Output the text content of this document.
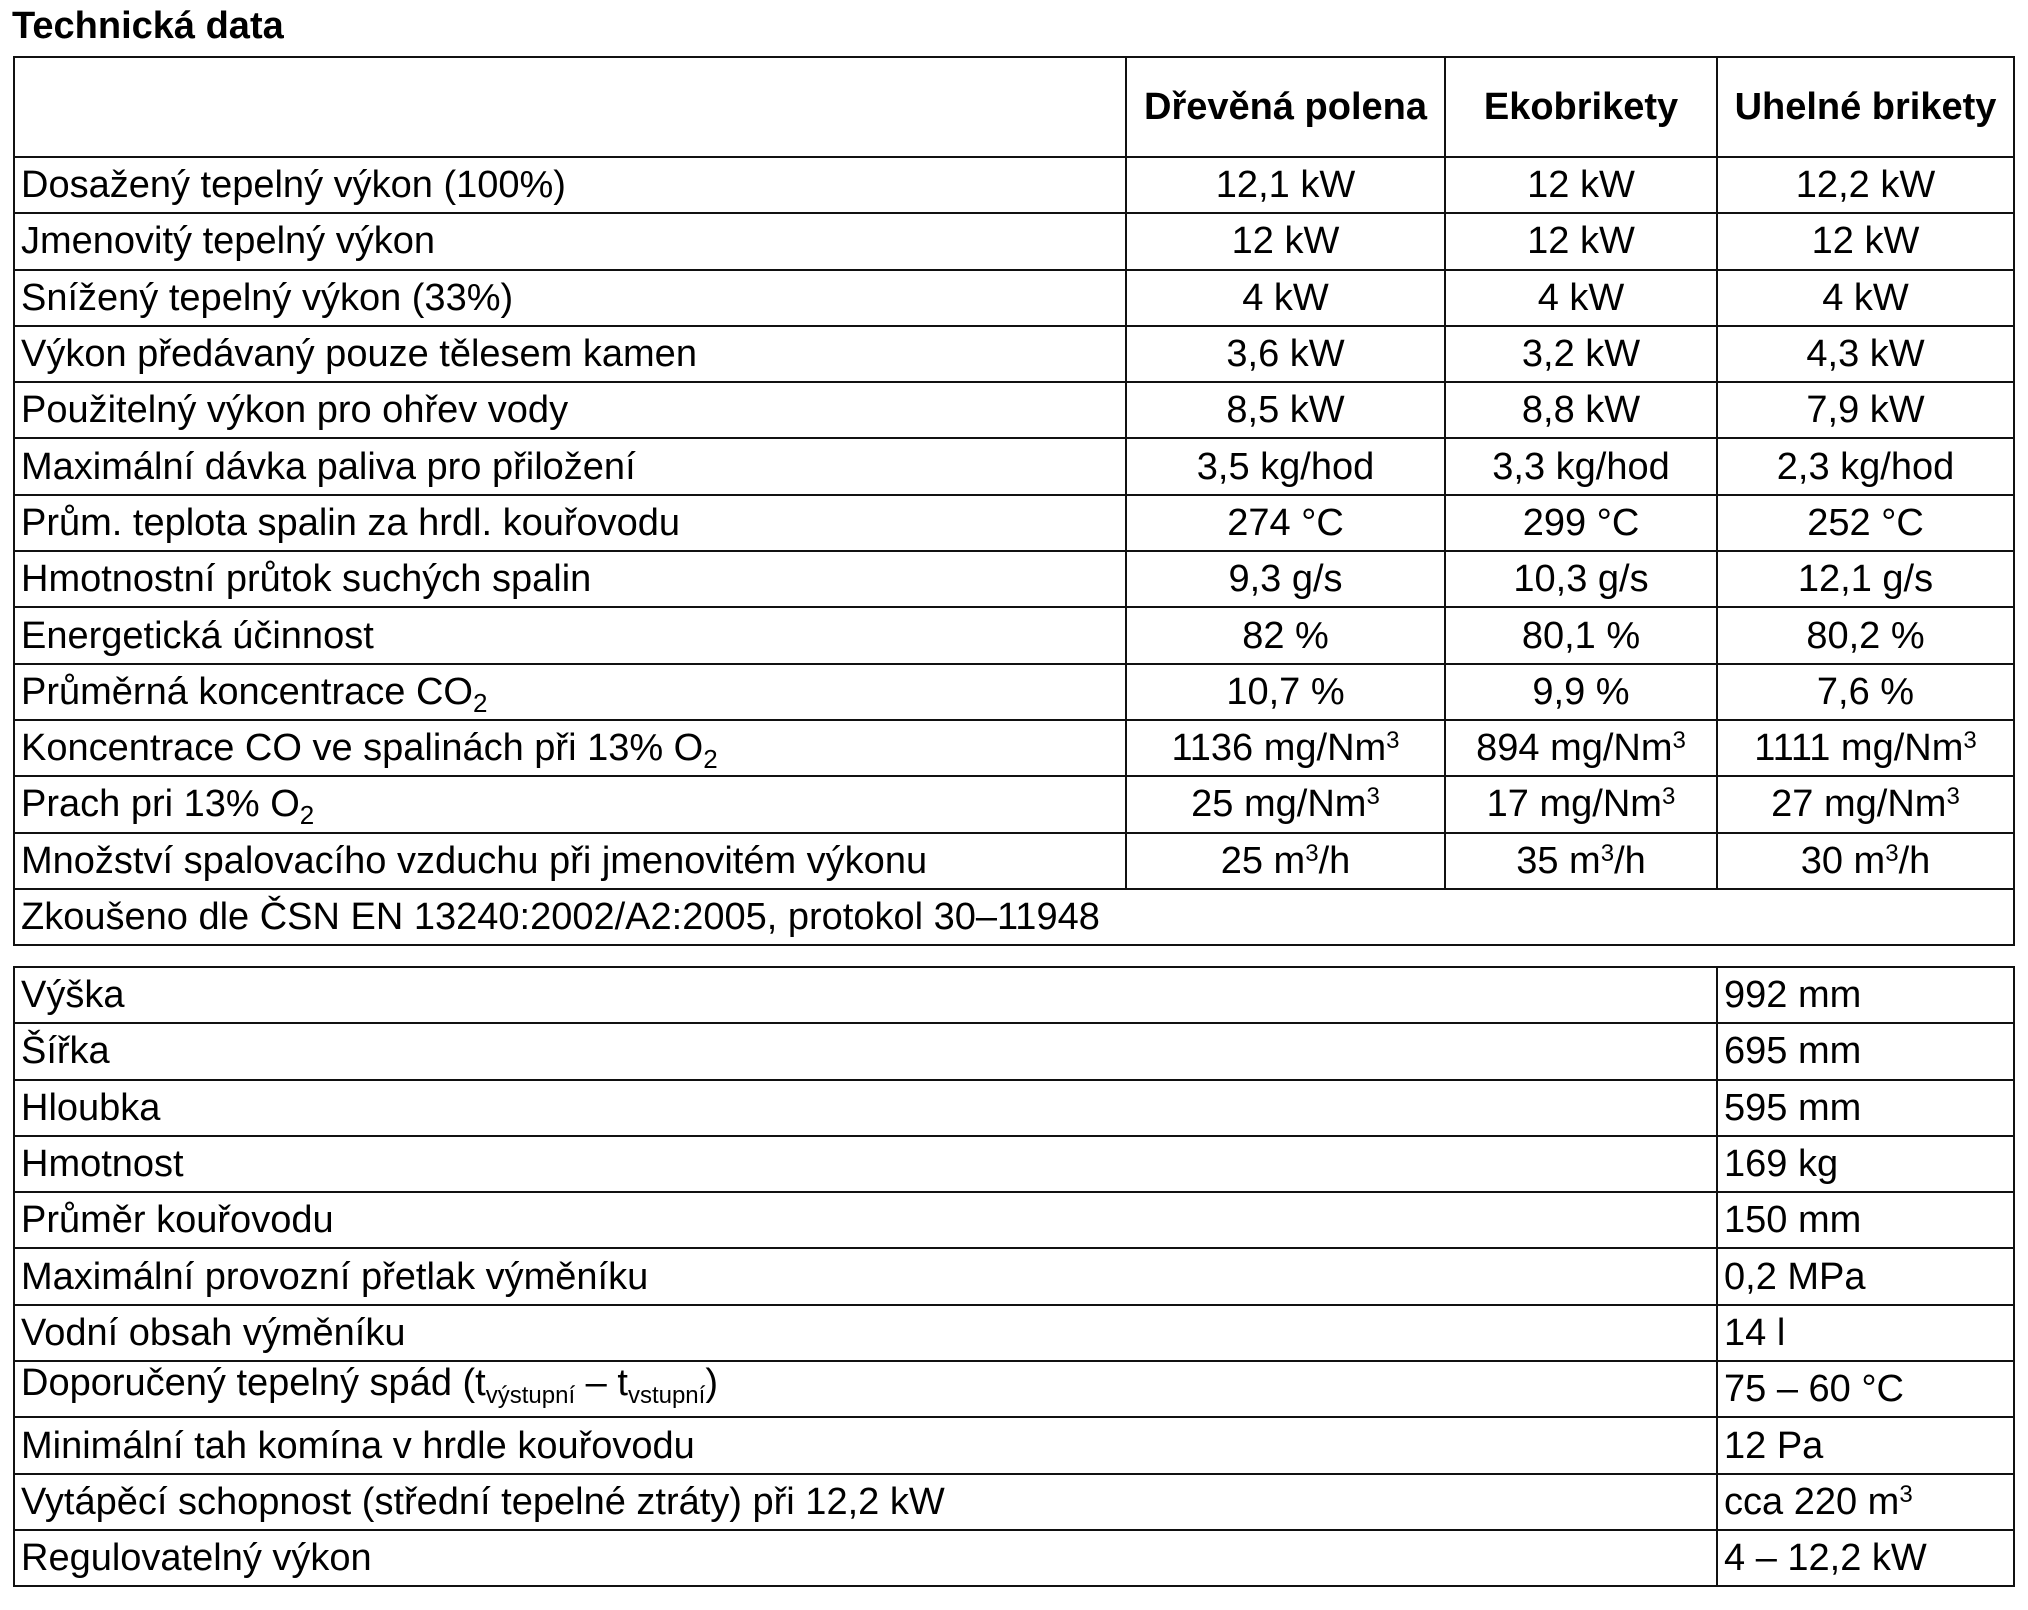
Technická data
	Dřevěná polena	Ekobrikety	Uhelné brikety
Dosažený tepelný výkon (100%)	12,1 kW	12 kW	12,2 kW
Jmenovitý tepelný výkon	12 kW	12 kW	12 kW
Snížený tepelný výkon (33%)	4 kW	4 kW	4 kW
Výkon předávaný pouze tělesem kamen	3,6 kW	3,2 kW	4,3 kW
Použitelný výkon pro ohřev vody	8,5 kW	8,8 kW	7,9 kW
Maximální dávka paliva pro přiložení	3,5 kg/hod	3,3 kg/hod	2,3 kg/hod
Prům. teplota spalin za hrdl. kouřovodu	274 °C	299 °C	252 °C
Hmotnostní průtok suchých spalin	9,3 g/s	10,3 g/s	12,1 g/s
Energetická účinnost	82 %	80,1 %	80,2 %
Průměrná koncentrace $CO_2$	10,7 %	9,9 %	7,6 %
Koncentrace CO ve spalinách při 13% $O_2$	1136 mg/Nm$^3$	894 mg/Nm$^3$	1111 mg/Nm$^3$
Prach pri 13% $O_2$	25 mg/Nm$^3$	17 mg/Nm$^3$	27 mg/Nm$^3$
Množství spalovacího vzduchu při jmenovitém výkonu	25 $m^3/h$	35 $m^3/h$	30 $m^3/h$
Zkoušeno dle ČSN EN 13240:2002/A2:2005, protokol 30–11948			
Výška	992 mm
Šířka	695 mm
Hloubka	595 mm
Hmotnost	169 kg
Průměr kouřovodu	150 mm
Maximální provozní přetlak výměníku	0,2 MPa
Vodní obsah výměníku	14 l
Doporučený tepelný spád $(t_{výstupní} - t_{vstupní})$	75 – 60 °C
Minimální tah komína v hrdle kouřovodu	12 Pa
Vytápěcí schopnost (střední tepelné ztráty) při 12,2 kW	cca 220 $m^3$
Regulovatelný výkon	4 – 12,2 kW
